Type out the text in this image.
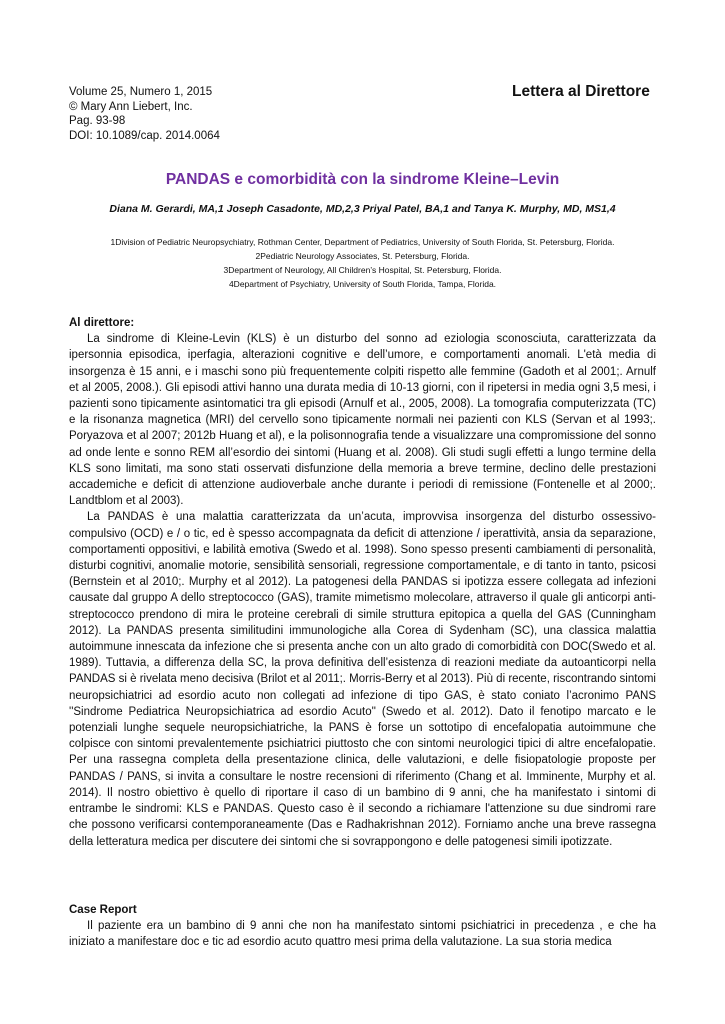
Volume 25, Numero 1, 2015
© Mary Ann Liebert, Inc.
Pag. 93-98
DOI: 10.1089/cap. 2014.0064
Lettera al Direttore
PANDAS e comorbidità con la sindrome Kleine–Levin
Diana M. Gerardi, MA,1 Joseph Casadonte, MD,2,3 Priyal Patel, BA,1 and Tanya K. Murphy, MD, MS1,4
1Division of Pediatric Neuropsychiatry, Rothman Center, Department of Pediatrics, University of South Florida, St. Petersburg, Florida.
2Pediatric Neurology Associates, St. Petersburg, Florida.
3Department of Neurology, All Children’s Hospital, St. Petersburg, Florida.
4Department of Psychiatry, University of South Florida, Tampa, Florida.
Al direttore:

La sindrome di Kleine-Levin (KLS) è un disturbo del sonno ad eziologia sconosciuta, caratterizzata da ipersonnia episodica, iperfagia, alterazioni cognitive e dell’umore, e comportamenti anomali. L'età media di insorgenza è 15 anni, e i maschi sono più frequentemente colpiti rispetto alle femmine (Gadoth et al 2001;. Arnulf et al 2005, 2008.). Gli episodi attivi hanno una durata media di 10-13 giorni, con il ripetersi in media ogni 3,5 mesi, i pazienti sono tipicamente asintomatici tra gli episodi (Arnulf et al., 2005, 2008). La tomografia computerizzata (TC) e la risonanza magnetica (MRI) del cervello sono tipicamente normali nei pazienti con KLS (Servan et al 1993;. Poryazova et al 2007; 2012b Huang et al), e la polisonnografia tende a visualizzare una compromissione del sonno ad onde lente e sonno REM all’esordio dei sintomi (Huang et al. 2008). Gli studi sugli effetti a lungo termine della KLS sono limitati, ma sono stati osservati disfunzione della memoria a breve termine, declino delle prestazioni accademiche e deficit di attenzione audioverbale anche durante i periodi di remissione (Fontenelle et al 2000;. Landtblom et al 2003).

La PANDAS è una malattia caratterizzata da un’acuta, improvvisa insorgenza del disturbo ossessivo-compulsivo (OCD) e / o tic, ed è spesso accompagnata da deficit di attenzione / iperattività, ansia da separazione, comportamenti oppositivi, e labilità emotiva (Swedo et al. 1998). Sono spesso presenti cambiamenti di personalità, disturbi cognitivi, anomalie motorie, sensibilità sensoriali, regressione comportamentale, e di tanto in tanto, psicosi (Bernstein et al 2010;. Murphy et al 2012). La patogenesi della PANDAS si ipotizza essere collegata ad infezioni causate dal gruppo A dello streptococco (GAS), tramite mimetismo molecolare, attraverso il quale gli anticorpi anti-streptococco prendono di mira le proteine cerebrali di simile struttura epitopica a quella del GAS (Cunningham 2012). La PANDAS presenta similitudini immunologiche alla Corea di Sydenham (SC), una classica malattia autoimmune innescata da infezione che si presenta anche con un alto grado di comorbidità con DOC(Swedo et al. 1989). Tuttavia, a differenza della SC, la prova definitiva dell’esistenza di reazioni mediate da autoanticorpi nella PANDAS si è rivelata meno decisiva (Brilot et al 2011;. Morris-Berry et al 2013). Più di recente, riscontrando sintomi neuropsichiatrici ad esordio acuto non collegati ad infezione di tipo GAS, è stato coniato l’acronimo PANS ''Sindrome Pediatrica Neuropsichiatrica ad esordio Acuto'' (Swedo et al. 2012). Dato il fenotipo marcato e le potenziali lunghe sequele neuropsichiatriche, la PANS è forse un sottotipo di encefalopatia autoimmune che colpisce con sintomi prevalentemente psichiatrici piuttosto che con sintomi neurologici tipici di altre encefalopatie. Per una rassegna completa della presentazione clinica, delle valutazioni, e delle fisiopatologie proposte per PANDAS / PANS, si invita a consultare le nostre recensioni di riferimento (Chang et al. Imminente, Murphy et al. 2014). Il nostro obiettivo è quello di riportare il caso di un bambino di 9 anni, che ha manifestato i sintomi di entrambe le sindromi: KLS e PANDAS. Questo caso è il secondo a richiamare l'attenzione su due sindromi rare che possono verificarsi contemporaneamente (Das e Radhakrishnan 2012). Forniamo anche una breve rassegna della letteratura medica per discutere dei sintomi che si sovrappongono e delle patogenesi simili ipotizzate.

Case Report

Il paziente era un bambino di 9 anni che non ha manifestato sintomi psichiatrici in precedenza , e che ha iniziato a manifestare doc e tic ad esordio acuto quattro mesi prima della valutazione. La sua storia medica
